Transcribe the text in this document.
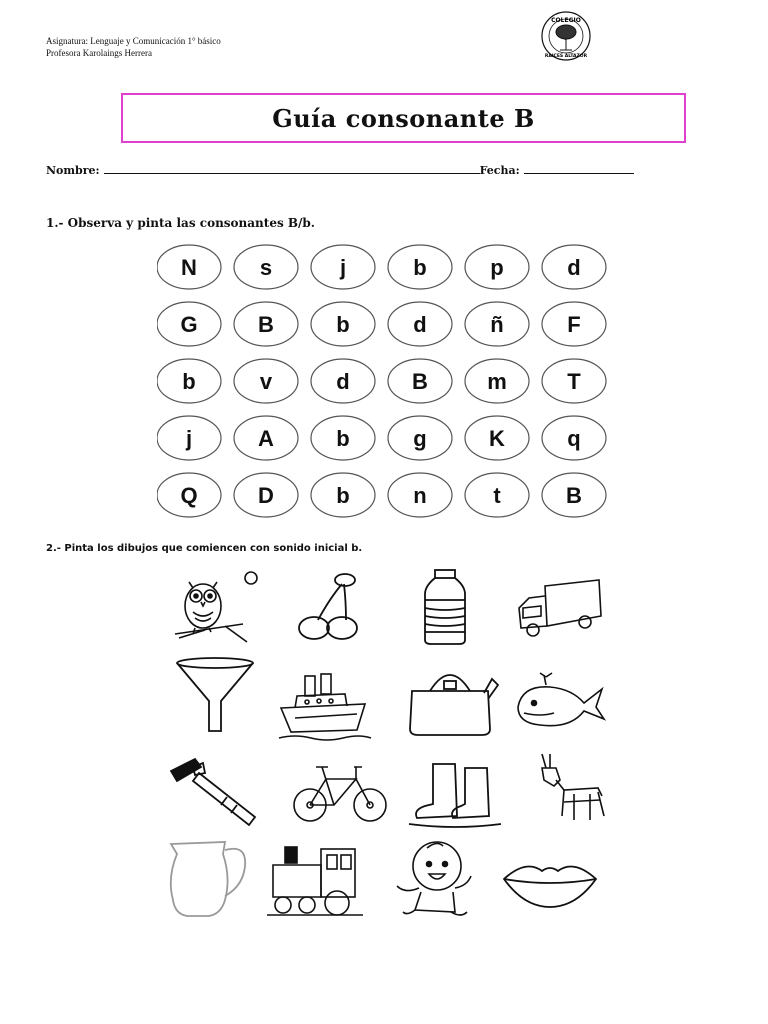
Asignatura: Lenguaje y Comunicación 1° básico
Profesora Karolaings Herrera
COLEGIO
RAICES ALTAZOR
Guía consonante B
Nombre:	Fecha:
1.- Observa y pinta las consonantes B/b.
N	s	j	b	p	d
G	B	b	d	ñ	F
b	v	d	B	m	T
j	A	b	g	K	q
Q	D	b	n	t	B
2.- Pinta los dibujos que comiencen con sonido inicial b.
